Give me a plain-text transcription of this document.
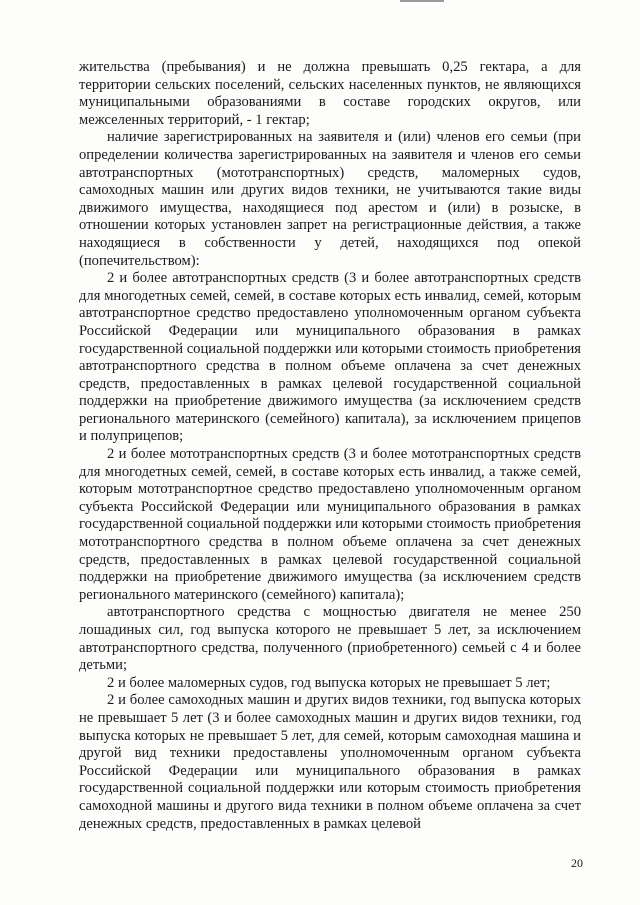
жительства (пребывания) и не должна превышать 0,25 гектара, а для территории сельских поселений, сельских населенных пунктов, не являющихся муниципальными образованиями в составе городских округов, или межселенных территорий, - 1 гектар;

наличие зарегистрированных на заявителя и (или) членов его семьи (при определении количества зарегистрированных на заявителя и членов его семьи автотранспортных (мототранспортных) средств, маломерных судов, самоходных машин или других видов техники, не учитываются такие виды движимого имущества, находящиеся под арестом и (или) в розыске, в отношении которых установлен запрет на регистрационные действия, а также находящиеся в собственности у детей, находящихся под опекой (попечительством):

2 и более автотранспортных средств (3 и более автотранспортных средств для многодетных семей, семей, в составе которых есть инвалид, семей, которым автотранспортное средство предоставлено уполномоченным органом субъекта Российской Федерации или муниципального образования в рамках государственной социальной поддержки или которыми стоимость приобретения автотранспортного средства в полном объеме оплачена за счет денежных средств, предоставленных в рамках целевой государственной социальной поддержки на приобретение движимого имущества (за исключением средств регионального материнского (семейного) капитала), за исключением прицепов и полуприцепов;

2 и более мототранспортных средств (3 и более мототранспортных средств для многодетных семей, семей, в составе которых есть инвалид, а также семей, которым мототранспортное средство предоставлено уполномоченным органом субъекта Российской Федерации или муниципального образования в рамках государственной социальной поддержки или которыми стоимость приобретения мототранспортного средства в полном объеме оплачена за счет денежных средств, предоставленных в рамках целевой государственной социальной поддержки на приобретение движимого имущества (за исключением средств регионального материнского (семейного) капитала);

автотранспортного средства с мощностью двигателя не менее 250 лошадиных сил, год выпуска которого не превышает 5 лет, за исключением автотранспортного средства, полученного (приобретенного) семьей с 4 и более детьми;

2 и более маломерных судов, год выпуска которых не превышает 5 лет;

2 и более самоходных машин и других видов техники, год выпуска которых не превышает 5 лет (3 и более самоходных машин и других видов техники, год выпуска которых не превышает 5 лет, для семей, которым самоходная машина и другой вид техники предоставлены уполномоченным органом субъекта Российской Федерации или муниципального образования в рамках государственной социальной поддержки или которым стоимость приобретения самоходной машины и другого вида техники в полном объеме оплачена за счет денежных средств, предоставленных в рамках целевой

20
